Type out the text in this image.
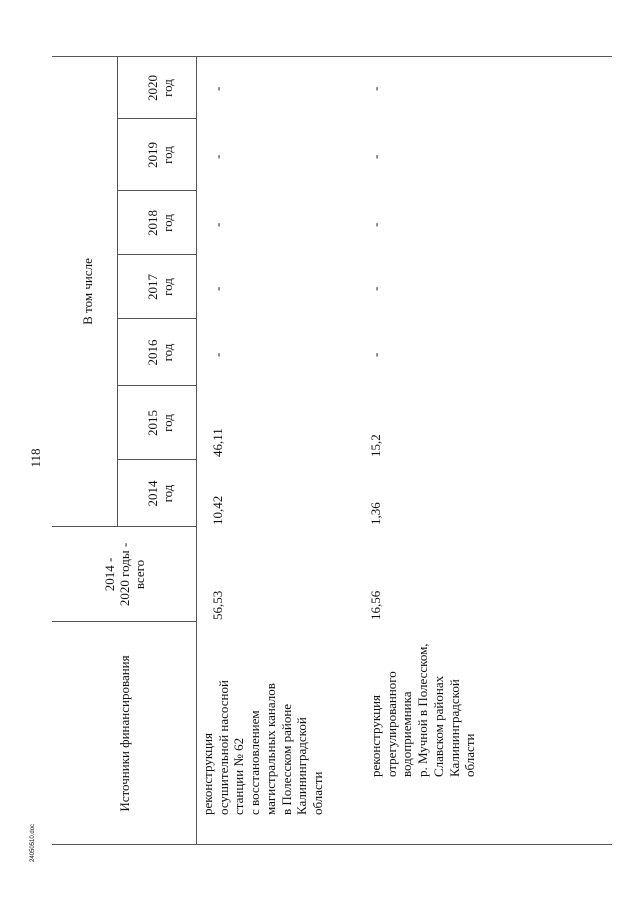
118
Источники финансирования
2014 -
2020 годы -
всего
В том числе
2014
год
2015
год
2016
год
2017
год
2018
год
2019
год
2020
год
реконструкция
осушительной насосной
станции № 62
с восстановлением
магистральных каналов
в Полесском районе
Калининградской
области
56,53
10,42
46,11
-
-
-
-
-
реконструкция
отрегулированного
водоприемника
р. Мучной в Полесском,
Славском районах
Калининградской
области
16,56
1,36
15,2
-
-
-
-
-
24050510.doc
